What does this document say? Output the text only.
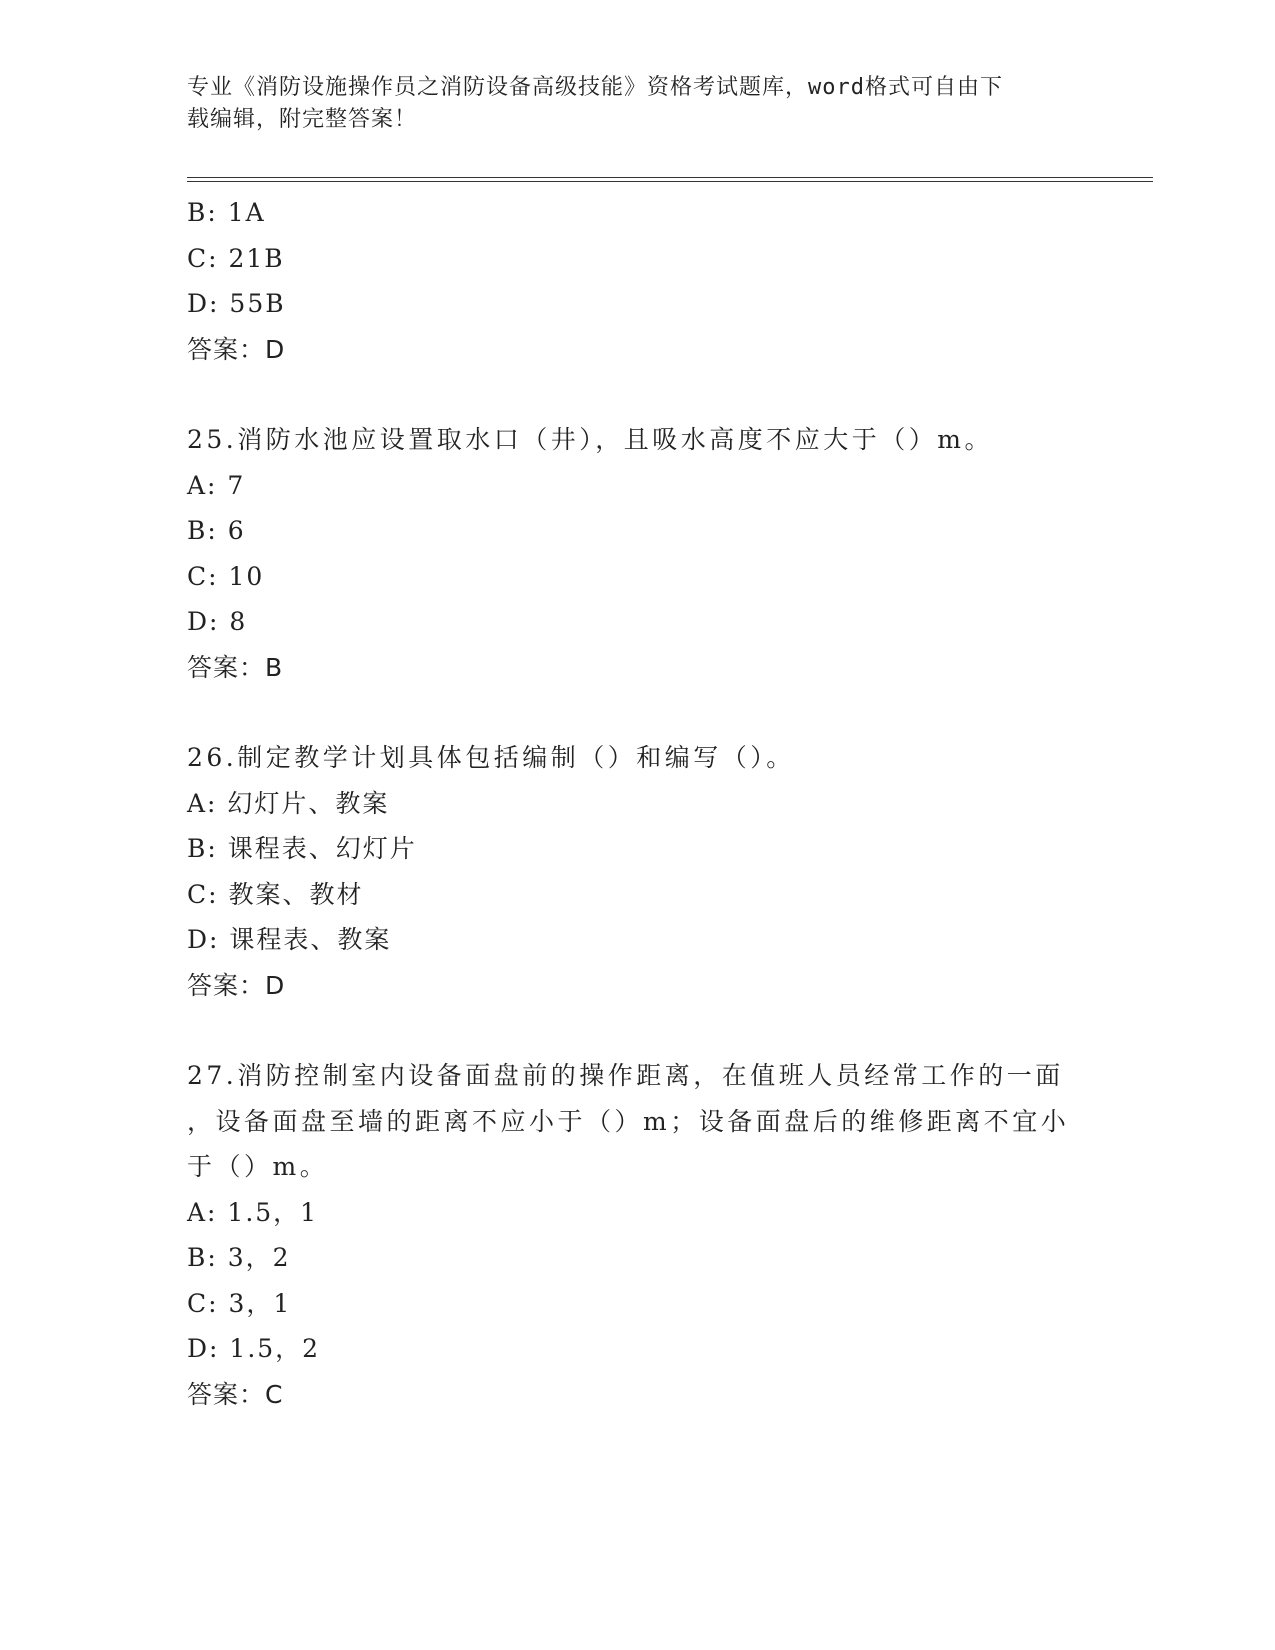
专业《消防设施操作员之消防设备高级技能》资格考试题库，word格式可自由下
载编辑，附完整答案！
B: 1A
C: 21B
D: 55B
答案：D
25.消防水池应设置取水口（井），且吸水高度不应大于（）m。
A: 7
B: 6
C: 10
D: 8
答案：B
26.制定教学计划具体包括编制（）和编写（）。
A: 幻灯片、教案
B: 课程表、幻灯片
C: 教案、教材
D: 课程表、教案
答案：D
27.消防控制室内设备面盘前的操作距离，在值班人员经常工作的一面
，设备面盘至墙的距离不应小于（）m；设备面盘后的维修距离不宜小
于（）m。
A: 1.5，1
B: 3，2
C: 3，1
D: 1.5，2
答案：C
